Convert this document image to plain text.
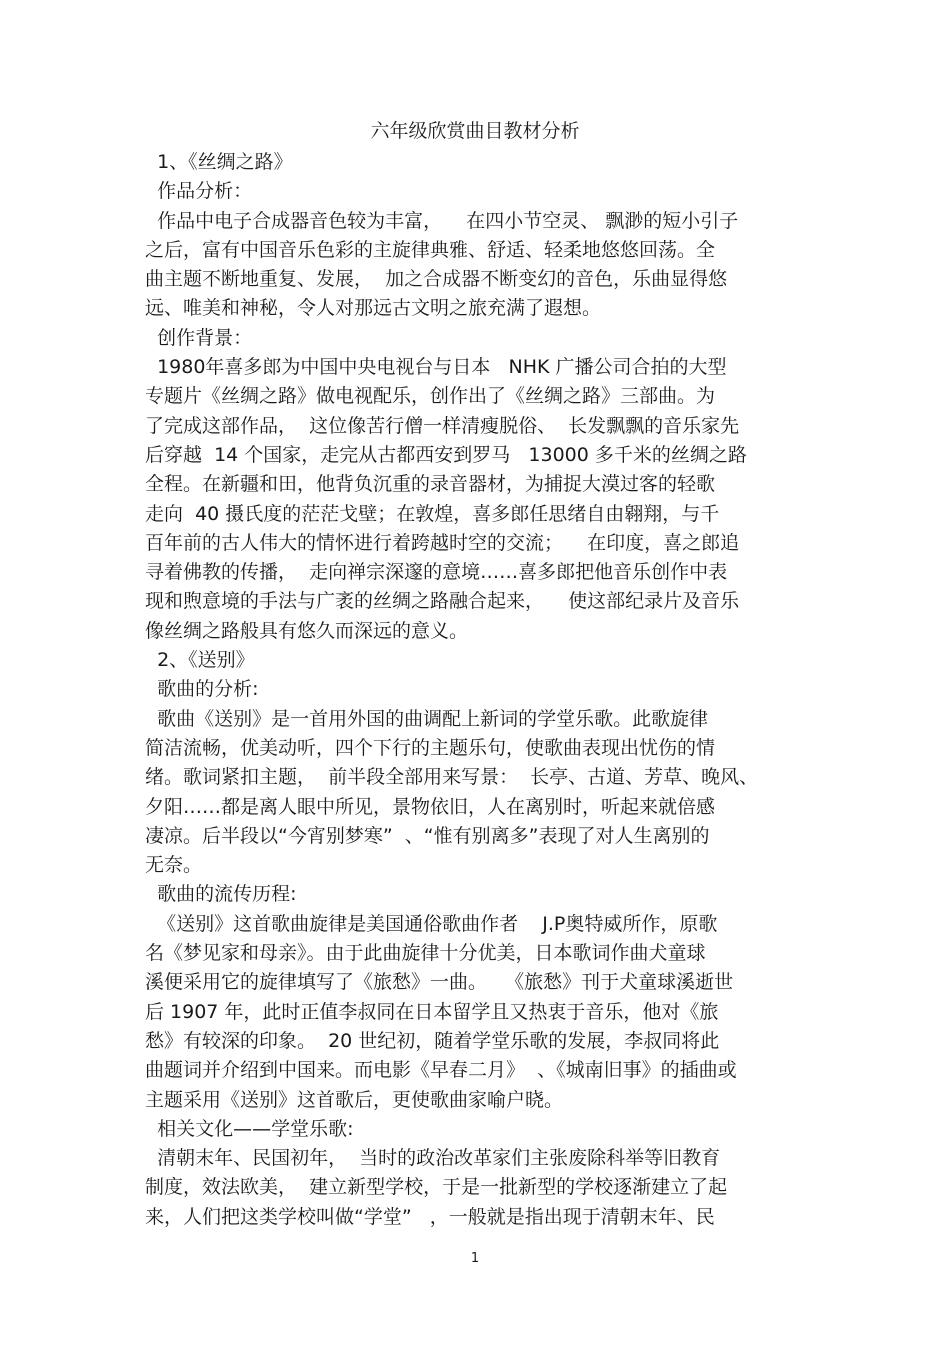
六年级欣赏曲目教材分析
1、《丝绸之路》
作品分析：
作品中电子合成器音色较为丰富，    在四小节空灵、 飘渺的短小引子
之后，富有中国音乐色彩的主旋律典雅、舒适、轻柔地悠悠回荡。全
曲主题不断地重复、发展，  加之合成器不断变幻的音色，乐曲显得悠
远、唯美和神秘，令人对那远古文明之旅充满了遐想。
创作背景：
1980年喜多郎为中国中央电视台与日本   NHK 广播公司合拍的大型
专题片《丝绸之路》做电视配乐，创作出了《丝绸之路》三部曲。为
了完成这部作品，  这位像苦行僧一样清瘦脱俗、  长发飘飘的音乐家先
后穿越  14 个国家，走完从古都西安到罗马   13000 多千米的丝绸之路
全程。在新疆和田，他背负沉重的录音器材，为捕捉大漠过客的轻歌
走向  40 摄氏度的茫茫戈壁；在敦煌，喜多郎任思绪自由翱翔，与千
百年前的古人伟大的情怀进行着跨越时空的交流；    在印度，喜之郎追
寻着佛教的传播，  走向禅宗深邃的意境……喜多郎把他音乐创作中表
现和煦意境的手法与广袤的丝绸之路融合起来，    使这部纪录片及音乐
像丝绸之路般具有悠久而深远的意义。
2、《送别》
歌曲的分析:
歌曲《送别》是一首用外国的曲调配上新词的学堂乐歌。此歌旋律
简洁流畅，优美动听，四个下行的主题乐句，使歌曲表现出忧伤的情
绪。歌词紧扣主题，  前半段全部用来写景：  长亭、古道、芳草、晚风、
夕阳……都是离人眼中所见，景物依旧，人在离别时，听起来就倍感
凄凉。后半段以“今宵别梦寒”  、“惟有别离多”表现了对人生离别的
无奈。
歌曲的流传历程:
《送别》这首歌曲旋律是美国通俗歌曲作者    J.P奥特威所作，原歌
名《梦见家和母亲》。由于此曲旋律十分优美，日本歌词作曲犬童球
溪便采用它的旋律填写了《旅愁》一曲。   《旅愁》刊于犬童球溪逝世
后 1907 年，此时正值李叔同在日本留学且又热衷于音乐，他对《旅
愁》有较深的印象。  20 世纪初，随着学堂乐歌的发展，李叔同将此
曲题词并介绍到中国来。而电影《早春二月》  、《城南旧事》的插曲或
主题采用《送别》这首歌后，更使歌曲家喻户晓。
相关文化——学堂乐歌:
清朝末年、民国初年，  当时的政治改革家们主张废除科举等旧教育
制度，效法欧美，  建立新型学校，于是一批新型的学校逐渐建立了起
来，人们把这类学校叫做“学堂”   ，一般就是指出现于清朝末年、民
1
